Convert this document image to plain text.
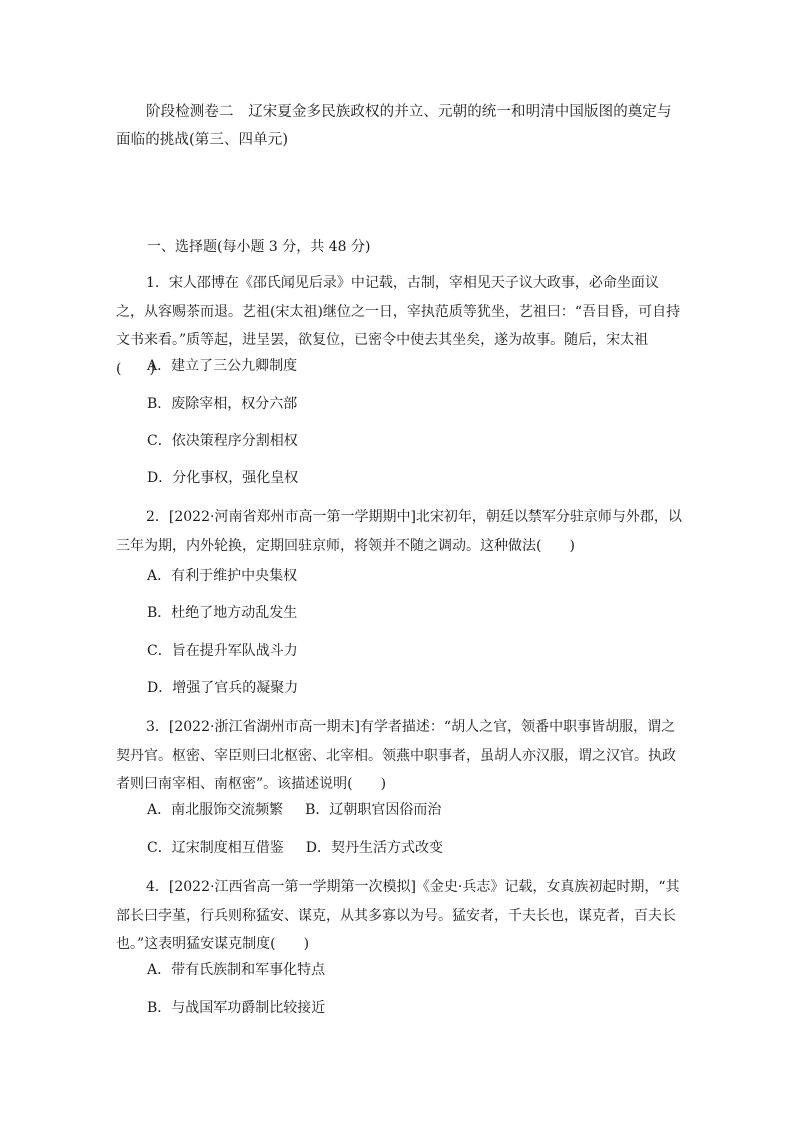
阶段检测卷二　辽宋夏金多民族政权的并立、元朝的统一和明清中国版图的奠定与面临的挑战(第三、四单元)
一、选择题(每小题 3 分，共 48 分)
1．宋人邵博在《邵氏闻见后录》中记载，古制，宰相见天子议大政事，必命坐面议之，从容赐茶而退。艺祖(宋太祖)继位之一日，宰执范质等犹坐，艺祖曰：“吾目昏，可自持文书来看。”质等起，进呈罢，欲复位，已密令中使去其坐矣，遂为故事。随后，宋太祖(　　)
A．建立了三公九卿制度
B．废除宰相，权分六部
C．依决策程序分割相权
D．分化事权，强化皇权
2．[2022·河南省郑州市高一第一学期期中]北宋初年，朝廷以禁军分驻京师与外郡，以三年为期，内外轮换，定期回驻京师，将领并不随之调动。这种做法(　　)
A．有利于维护中央集权
B．杜绝了地方动乱发生
C．旨在提升军队战斗力
D．增强了官兵的凝聚力
3．[2022·浙江省湖州市高一期末]有学者描述：“胡人之官，领番中职事皆胡服，谓之契丹官。枢密、宰臣则曰北枢密、北宰相。领燕中职事者，虽胡人亦汉服，谓之汉官。执政者则曰南宰相、南枢密”。该描述说明(　　)
A．南北服饰交流频繁 B．辽朝职官因俗而治
C．辽宋制度相互借鉴 D．契丹生活方式改变
4．[2022·江西省高一第一学期第一次模拟]《金史·兵志》记载，女真族初起时期，“其部长曰孛堇，行兵则称猛安、谋克，从其多寡以为号。猛安者，千夫长也，谋克者，百夫长也。”这表明猛安谋克制度(　　)
A．带有氏族制和军事化特点
B．与战国军功爵制比较接近
